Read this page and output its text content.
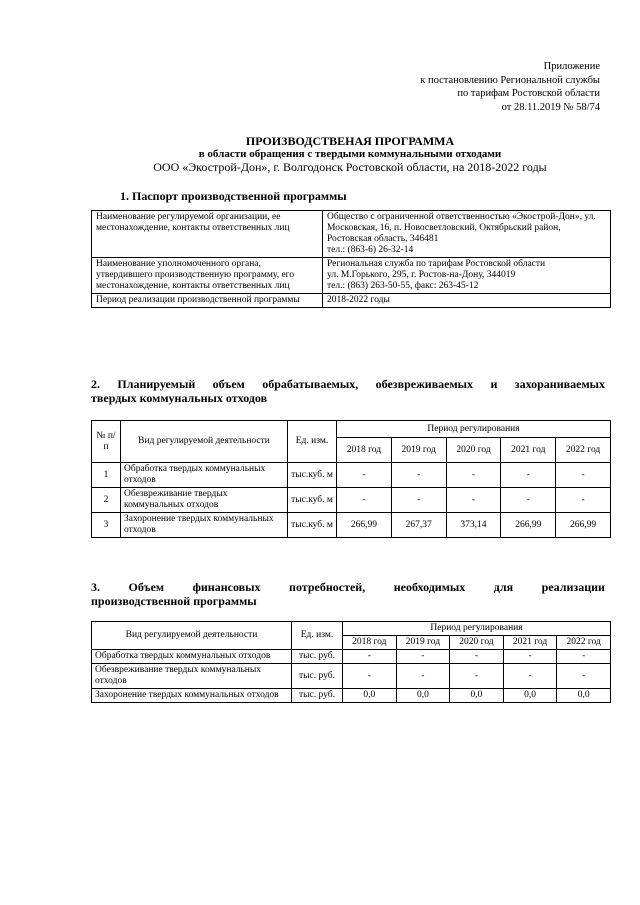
Приложение
к постановлению Региональной службы
по тарифам Ростовской области
от 28.11.2019 № 58/74
ПРОИЗВОДСТВЕНАЯ ПРОГРАММА
в области обращения с твердыми коммунальными отходами
ООО «Экострой-Дон», г. Волгодонск Ростовской области, на 2018-2022 годы
1. Паспорт производственной программы
Наименование регулируемой организации, ее местонахождение, контакты ответственных лиц	Общество с ограниченной ответственностью «Экострой-Дон», ул. Московская, 16, п. Новосветловский, Октябрьский район, Ростовская область, 346481
тел.: (863-6) 26-32-14

Наименование уполномоченного органа, утвердившего производственную программу, его местонахождение, контакты ответственных лиц	Региональная служба по тарифам Ростовской области
ул. М.Горького, 295, г. Ростов-на-Дону, 344019
тел.: (863) 263-50-55, факс: 263-45-12

Период реализации производственной программы	2018-2022 годы
2. Планируемый объем обрабатываемых, обезвреживаемых и захораниваемых
твердых коммунальных отходов
№ п/п	Вид регулируемой деятельности	Ед. изм.	Период регулирования				
			2018 год	2019 год	2020 год	2021 год	2022 год
1	Обработка твердых коммунальных отходов	тыс.куб. м	-	-	-	-	-
2	Обезвреживание твердых коммунальных отходов	тыс.куб. м	-	-	-	-	-
3	Захоронение твердых коммунальных отходов	тыс.куб. м	266,99	267,37	373,14	266,99	266,99
3. Объем финансовых потребностей, необходимых для реализации
производственной программы
Вид регулируемой деятельности	Ед. изм.	Период регулирования				
		2018 год	2019 год	2020 год	2021 год	2022 год
Обработка твердых коммунальных отходов	тыс. руб.	-	-	-	-	-
Обезвреживание твердых коммунальных отходов	тыс. руб.	-	-	-	-	-
Захоронение твердых коммунальных отходов	тыс. руб.	0,0	0,0	0,0	0,0	0,0
